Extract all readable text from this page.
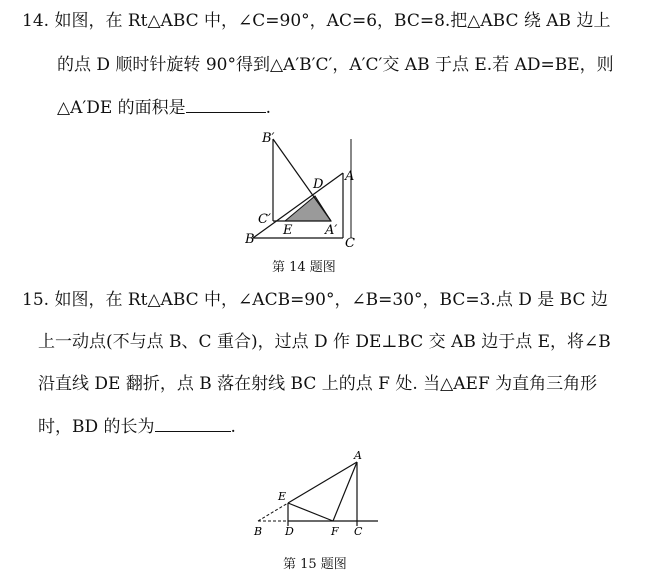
14. 如图，在 Rt△ABC 中，∠C=90°，AC=6，BC=8.把△ABC 绕 AB 边上
的点 D 顺时针旋转 90°得到△A′B′C′，A′C′交 AB 于点 E.若 AD=BE，则
△A′DE 的面积是	.
B′
D
A
C′
E	A′
B	C
第 14 题图
15. 如图，在 Rt△ABC 中，∠ACB=90°，∠B=30°，BC=3.点 D 是 BC 边
上一动点(不与点 B、C 重合)，过点 D 作 DE⊥BC 交 AB 边于点 E，将∠B
沿直线 DE 翻折，点 B 落在射线 BC 上的点 F 处. 当△AEF 为直角三角形
时，BD 的长为	.
A
E
B D	F C
第 15 题图
